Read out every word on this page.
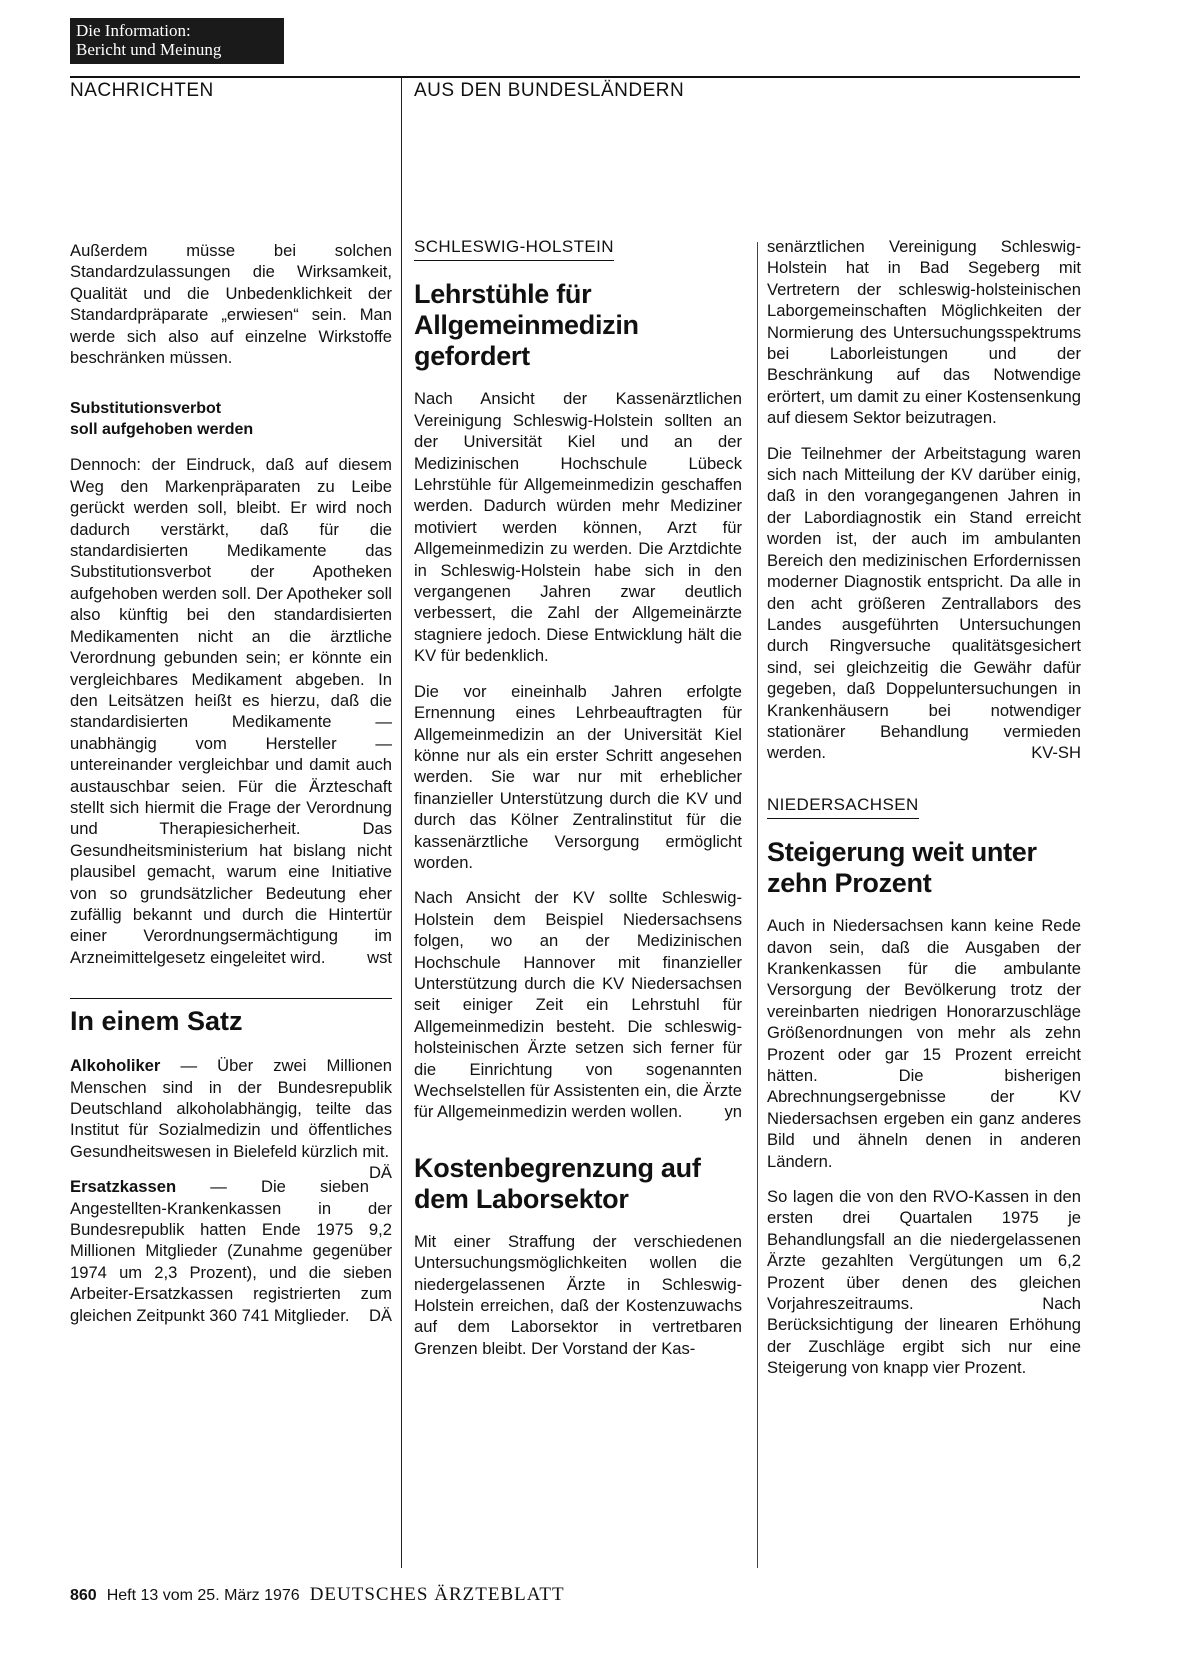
Die Information:
Bericht und Meinung
NACHRICHTEN	AUS DEN BUNDESLÄNDERN

Außerdem müsse bei solchen Standardzulassungen die Wirksamkeit, Qualität und die Unbedenklichkeit der Standardpräparate „erwiesen“ sein. Man werde sich also auf einzelne Wirkstoffe beschränken müssen.

Substitutionsverbot
soll aufgehoben werden

Dennoch: der Eindruck, daß auf diesem Weg den Markenpräparaten zu Leibe gerückt werden soll, bleibt. Er wird noch dadurch verstärkt, daß für die standardisierten Medikamente das Substitutionsverbot der Apotheken aufgehoben werden soll. Der Apotheker soll also künftig bei den standardisierten Medikamenten nicht an die ärztliche Verordnung gebunden sein; er könnte ein vergleichbares Medikament abgeben. In den Leitsätzen heißt es hierzu, daß die standardisierten Medikamente — unabhängig vom Hersteller — untereinander vergleichbar und damit auch austauschbar seien. Für die Ärzteschaft stellt sich hiermit die Frage der Verordnung und Therapiesicherheit. Das Gesundheitsministerium hat bislang nicht plausibel gemacht, warum eine Initiative von so grundsätzlicher Bedeutung eher zufällig bekannt und durch die Hintertür einer Verordnungsermächtigung im Arzneimittelgesetz eingeleitet wird.	wst

In einem Satz

Alkoholiker — Über zwei Millionen Menschen sind in der Bundesrepublik Deutschland alkoholabhängig, teilte das Institut für Sozialmedizin und öffentliches Gesundheitswesen in Bielefeld kürzlich mit.
DÄ

Ersatzkassen — Die sieben Angestellten-Krankenkassen in der Bundesrepublik hatten Ende 1975 9,2 Millionen Mitglieder (Zunahme gegenüber 1974 um 2,3 Prozent), und die sieben Arbeiter-Ersatzkassen registrierten zum gleichen Zeitpunkt 360 741 Mitglieder. DÄ

SCHLESWIG-HOLSTEIN
Lehrstühle für Allgemeinmedizin gefordert

Nach Ansicht der Kassenärztlichen Vereinigung Schleswig-Holstein sollten an der Universität Kiel und an der Medizinischen Hochschule Lübeck Lehrstühle für Allgemeinmedizin geschaffen werden. Dadurch würden mehr Mediziner motiviert werden können, Arzt für Allgemeinmedizin zu werden. Die Arztdichte in Schleswig-Holstein habe sich in den vergangenen Jahren zwar deutlich verbessert, die Zahl der Allgemeinärzte stagniere jedoch. Diese Entwicklung hält die KV für bedenklich.

Die vor eineinhalb Jahren erfolgte Ernennung eines Lehrbeauftragten für Allgemeinmedizin an der Universität Kiel könne nur als ein erster Schritt angesehen werden. Sie war nur mit erheblicher finanzieller Unterstützung durch die KV und durch das Kölner Zentralinstitut für die kassenärztliche Versorgung ermöglicht worden.

Nach Ansicht der KV sollte Schleswig-Holstein dem Beispiel Niedersachsens folgen, wo an der Medizinischen Hochschule Hannover mit finanzieller Unterstützung durch die KV Niedersachsen seit einiger Zeit ein Lehrstuhl für Allgemeinmedizin besteht. Die schleswig-holsteinischen Ärzte setzen sich ferner für die Einrichtung von sogenannten Wechselstellen für Assistenten ein, die Ärzte für Allgemeinmedizin werden wollen.	yn

Kostenbegrenzung auf dem Laborsektor

Mit einer Straffung der verschiedenen Untersuchungsmöglichkeiten wollen die niedergelassenen Ärzte in Schleswig-Holstein erreichen, daß der Kostenzuwachs auf dem Laborsektor in vertretbaren Grenzen bleibt. Der Vorstand der Kas-

senärztlichen Vereinigung Schleswig-Holstein hat in Bad Segeberg mit Vertretern der schleswig-holsteinischen Laborgemeinschaften Möglichkeiten der Normierung des Untersuchungsspektrums bei Laborleistungen und der Beschränkung auf das Notwendige erörtert, um damit zu einer Kostensenkung auf diesem Sektor beizutragen.

Die Teilnehmer der Arbeitstagung waren sich nach Mitteilung der KV darüber einig, daß in den vorangegangenen Jahren in der Labordiagnostik ein Stand erreicht worden ist, der auch im ambulanten Bereich den medizinischen Erfordernissen moderner Diagnostik entspricht. Da alle in den acht größeren Zentrallabors des Landes ausgeführten Untersuchungen durch Ringversuche qualitätsgesichert sind, sei gleichzeitig die Gewähr dafür gegeben, daß Doppeluntersuchungen in Krankenhäusern bei notwendiger stationärer Behandlung vermieden werden.	KV-SH

NIEDERSACHSEN
Steigerung weit unter zehn Prozent

Auch in Niedersachsen kann keine Rede davon sein, daß die Ausgaben der Krankenkassen für die ambulante Versorgung der Bevölkerung trotz der vereinbarten niedrigen Honorarzuschläge Größenordnungen von mehr als zehn Prozent oder gar 15 Prozent erreicht hätten. Die bisherigen Abrechnungsergebnisse der KV Niedersachsen ergeben ein ganz anderes Bild und ähneln denen in anderen Ländern.

So lagen die von den RVO-Kassen in den ersten drei Quartalen 1975 je Behandlungsfall an die niedergelassenen Ärzte gezahlten Vergütungen um 6,2 Prozent über denen des gleichen Vorjahreszeitraums. Nach Berücksichtigung der linearen Erhöhung der Zuschläge ergibt sich nur eine Steigerung von knapp vier Prozent.

860 Heft 13 vom 25. März 1976 DEUTSCHES ÄRZTEBLATT
